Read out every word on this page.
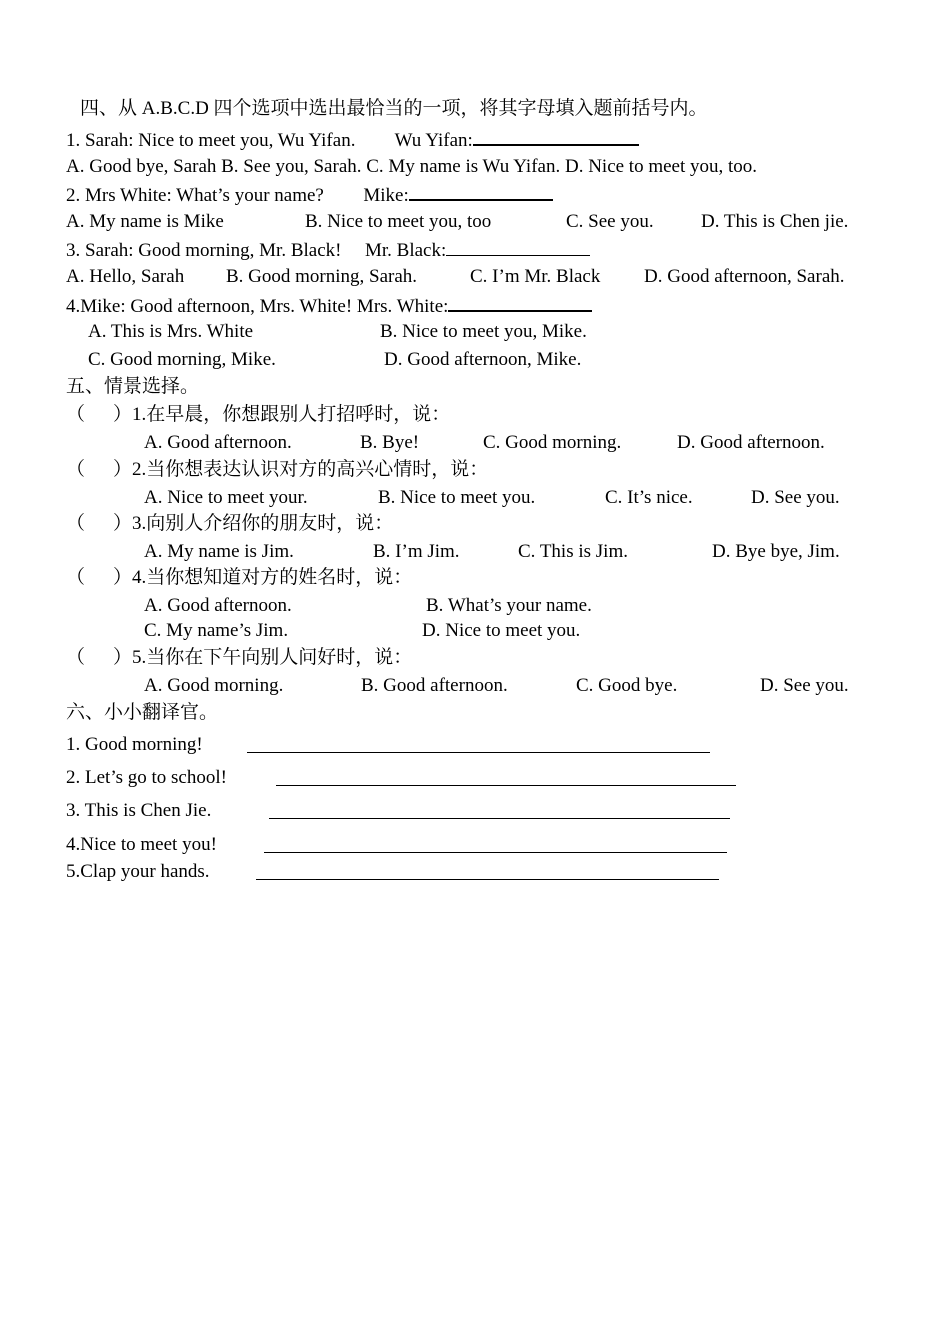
四、从 A.B.C.D 四个选项中选出最恰当的一项，将其字母填入题前括号内。
1. Sarah: Nice to meet you, Wu Yifan. Wu Yifan:
A. Good bye, Sarah B. See you, Sarah. C. My name is Wu Yifan. D. Nice to meet you, too.
2. Mrs White: What’s your name? Mike:
A. My name is Mike	B. Nice to meet you, too	C. See you. D. This is Chen jie.
3. Sarah: Good morning, Mr. Black! Mr. Black:
A. Hello, Sarah B. Good morning, Sarah.	C. I’m Mr. Black D. Good afternoon, Sarah.
4.Mike: Good afternoon, Mrs. White! Mrs. White:
A. This is Mrs. White	B. Nice to meet you, Mike.
C. Good morning, Mike.	D. Good afternoon, Mike.
五、情景选择。
（ ）1.在早晨，你想跟别人打招呼时，说：
A. Good afternoon.	B. Bye!	C. Good morning.	D. Good afternoon.
（ ）2.当你想表达认识对方的高兴心情时，说：
A. Nice to meet your.	B. Nice to meet you.	C. It’s nice.	D. See you.
（ ）3.向别人介绍你的朋友时，说：
A. My name is Jim.	B. I’m Jim.	C. This is Jim.	D. Bye bye, Jim.
（ ）4.当你想知道对方的姓名时，说：
A. Good afternoon.	B. What’s your name.
C. My name’s Jim.	D. Nice to meet you.
（ ）5.当你在下午向别人问好时，说：
A. Good morning.	B. Good afternoon.	C. Good bye.	D. See you.
六、小小翻译官。
1. Good morning!
2. Let’s go to school!
3. This is Chen Jie.
4.Nice to meet you!
5.Clap your hands.
